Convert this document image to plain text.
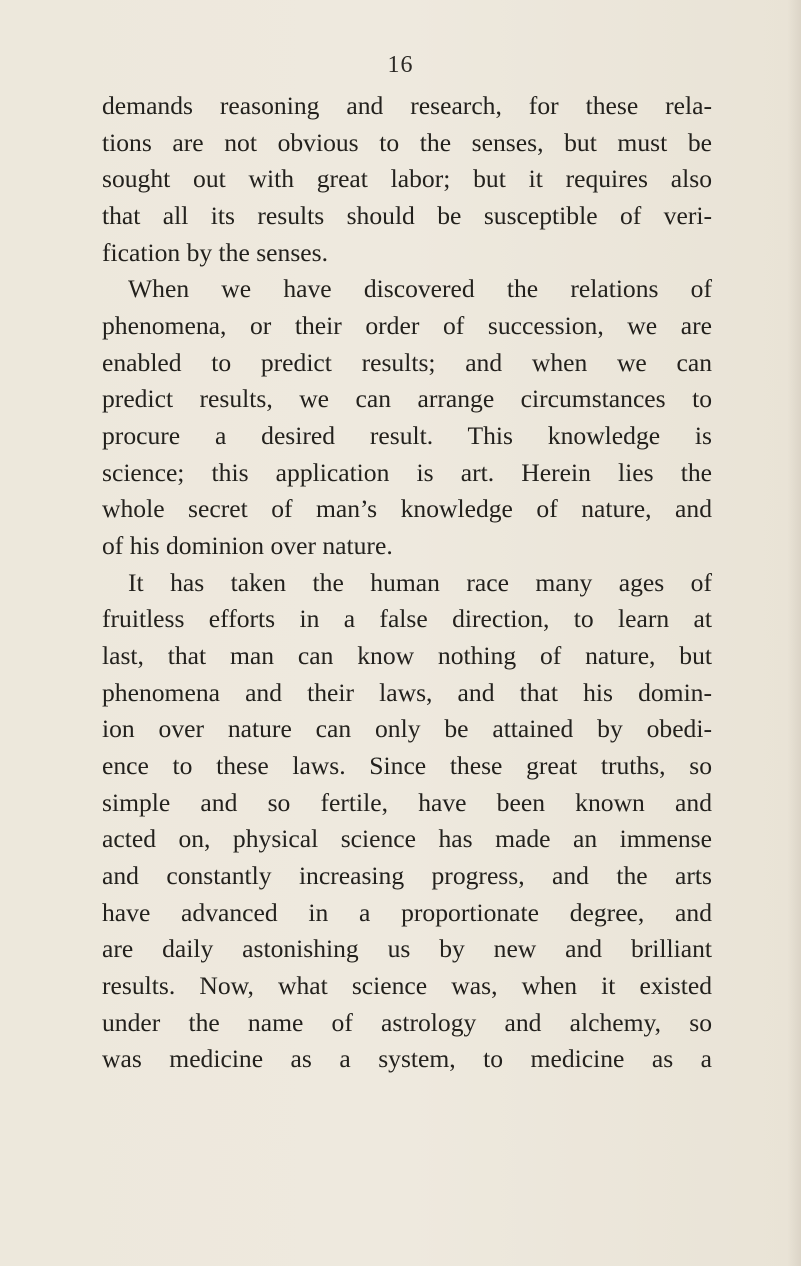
16
demands reasoning and research, for these rela-
tions are not obvious to the senses, but must be
sought out with great labor; but it requires also
that all its results should be susceptible of veri-
fication by the senses.
When we have discovered the relations of
phenomena, or their order of succession, we are
enabled to predict results; and when we can
predict results, we can arrange circumstances to
procure a desired result. This knowledge is
science; this application is art. Herein lies the
whole secret of man’s knowledge of nature, and
of his dominion over nature.
It has taken the human race many ages of
fruitless efforts in a false direction, to learn at
last, that man can know nothing of nature, but
phenomena and their laws, and that his domin-
ion over nature can only be attained by obedi-
ence to these laws. Since these great truths, so
simple and so fertile, have been known and
acted on, physical science has made an immense
and constantly increasing progress, and the arts
have advanced in a proportionate degree, and
are daily astonishing us by new and brilliant
results. Now, what science was, when it existed
under the name of astrology and alchemy, so
was medicine as a system, to medicine as a
